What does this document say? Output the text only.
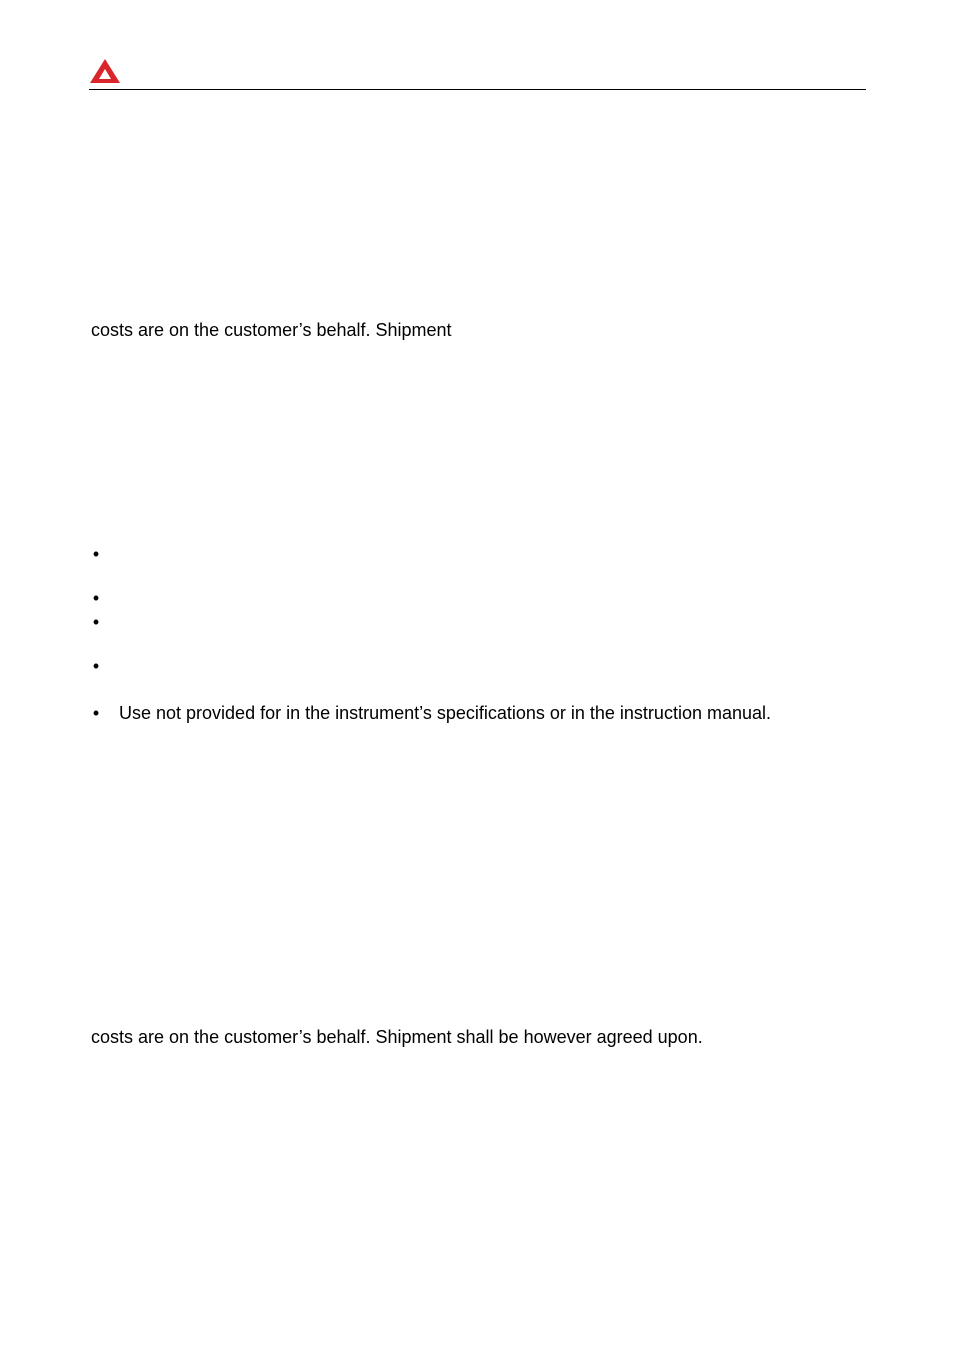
costs are on the customer’s behalf. Shipment
•
•
•
•
• Use not provided for in the instrument’s specifications or in the instruction manual.
costs are on the customer’s behalf. Shipment shall be however agreed upon.
